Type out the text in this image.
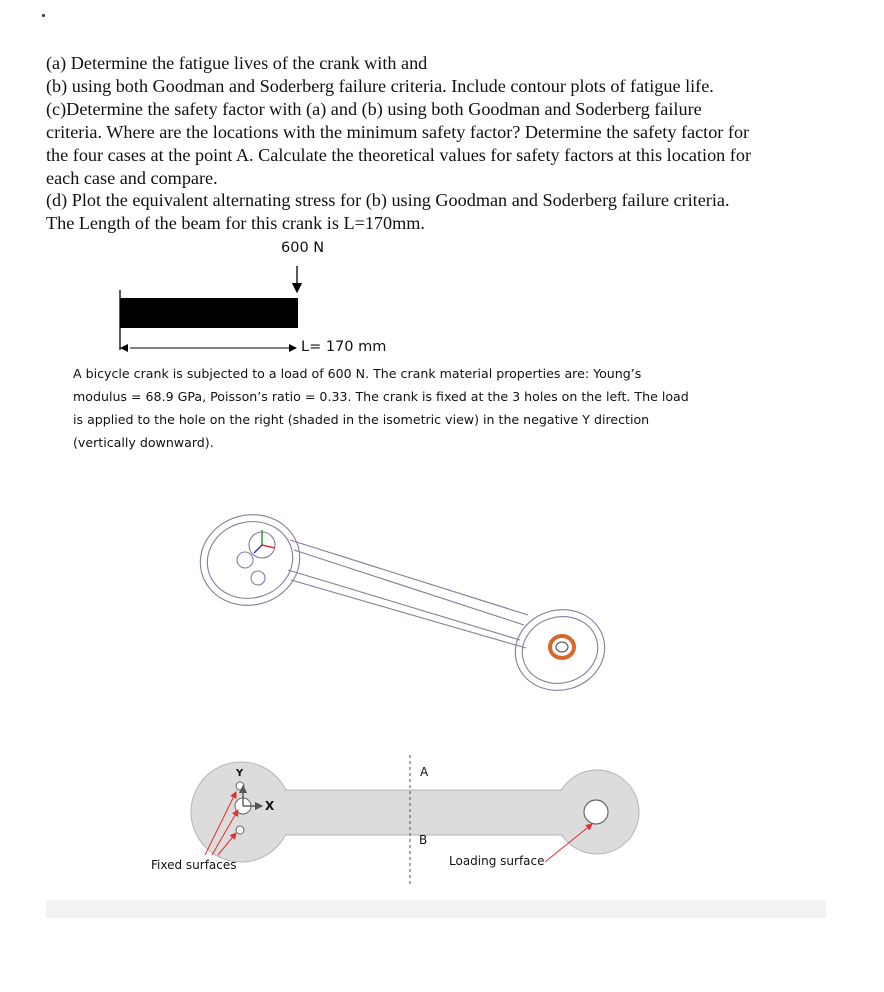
(a) Determine the fatigue lives of the crank with and

(b) using both Goodman and Soderberg failure criteria. Include contour plots of fatigue life.

(c)Determine the safety factor with (a) and (b) using both Goodman and Soderberg failure

criteria. Where are the locations with the minimum safety factor? Determine the safety factor for

the four cases at the point A. Calculate the theoretical values for safety factors at this location for

each case and compare.

(d) Plot the equivalent alternating stress for (b) using Goodman and Soderberg failure criteria.

The Length of the beam for this crank is L=170mm.

600 N
L= 170 mm

A bicycle crank is subjected to a load of 600 N. The crank material properties are: Young’s

modulus = 68.9 GPa, Poisson’s ratio = 0.33. The crank is fixed at the 3 holes on the left. The load

is applied to the hole on the right (shaded in the isometric view) in the negative Y direction

(vertically downward).

A
B
Fixed surfaces	Loading surface
X
Y
